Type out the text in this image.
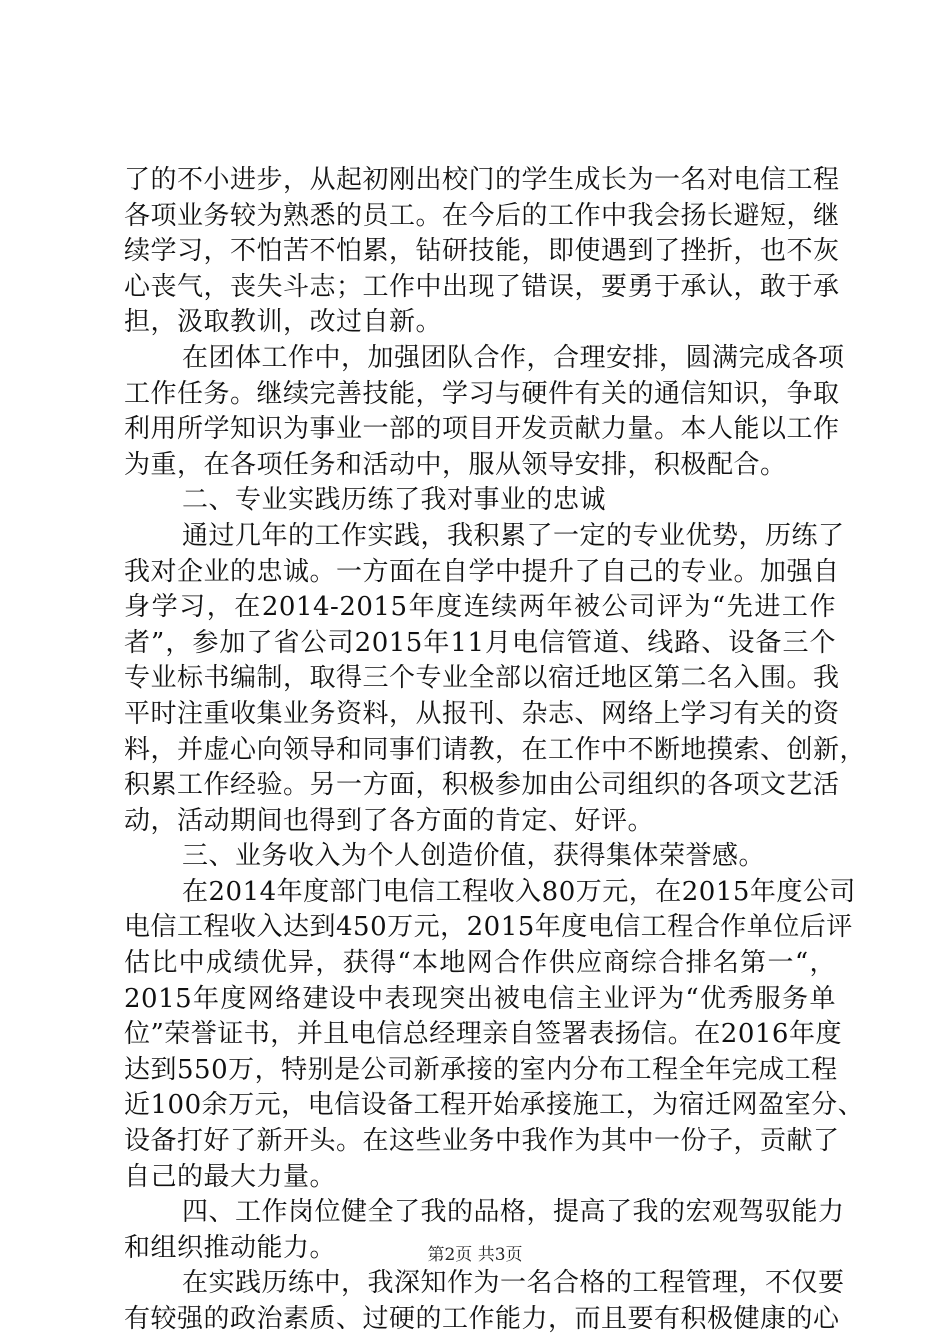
了的不小进步，从起初刚出校门的学生成长为一名对电信工程
各项业务较为熟悉的员工。在今后的工作中我会扬长避短，继
续学习，不怕苦不怕累，钻研技能，即使遇到了挫折，也不灰
心丧气，丧失斗志；工作中出现了错误，要勇于承认，敢于承
担，汲取教训，改过自新。
在团体工作中，加强团队合作，合理安排，圆满完成各项
工作任务。继续完善技能，学习与硬件有关的通信知识，争取
利用所学知识为事业一部的项目开发贡献力量。本人能以工作
为重，在各项任务和活动中，服从领导安排，积极配合。
二、专业实践历练了我对事业的忠诚
通过几年的工作实践，我积累了一定的专业优势，历练了
我对企业的忠诚。一方面在自学中提升了自己的专业。加强自
身学习，在2014-2015年度连续两年被公司评为“先进工作
者”，参加了省公司2015年11月电信管道、线路、设备三个
专业标书编制，取得三个专业全部以宿迁地区第二名入围。我
平时注重收集业务资料，从报刊、杂志、网络上学习有关的资
料，并虚心向领导和同事们请教，在工作中不断地摸索、创新，
积累工作经验。另一方面，积极参加由公司组织的各项文艺活
动，活动期间也得到了各方面的肯定、好评。
三、业务收入为个人创造价值，获得集体荣誉感。
在2014年度部门电信工程收入80万元，在2015年度公司
电信工程收入达到450万元，2015年度电信工程合作单位后评
估比中成绩优异，获得“本地网合作供应商综合排名第一“，
2015年度网络建设中表现突出被电信主业评为“优秀服务单
位”荣誉证书，并且电信总经理亲自签署表扬信。在2016年度
达到550万，特别是公司新承接的室内分布工程全年完成工程
近100余万元，电信设备工程开始承接施工，为宿迁网盈室分、
设备打好了新开头。在这些业务中我作为其中一份子，贡献了
自己的最大力量。
四、工作岗位健全了我的品格，提高了我的宏观驾驭能力
和组织推动能力。
在实践历练中，我深知作为一名合格的工程管理，不仅要
有较强的政治素质、过硬的工作能力，而且要有积极健康的心
第2页 共3页
